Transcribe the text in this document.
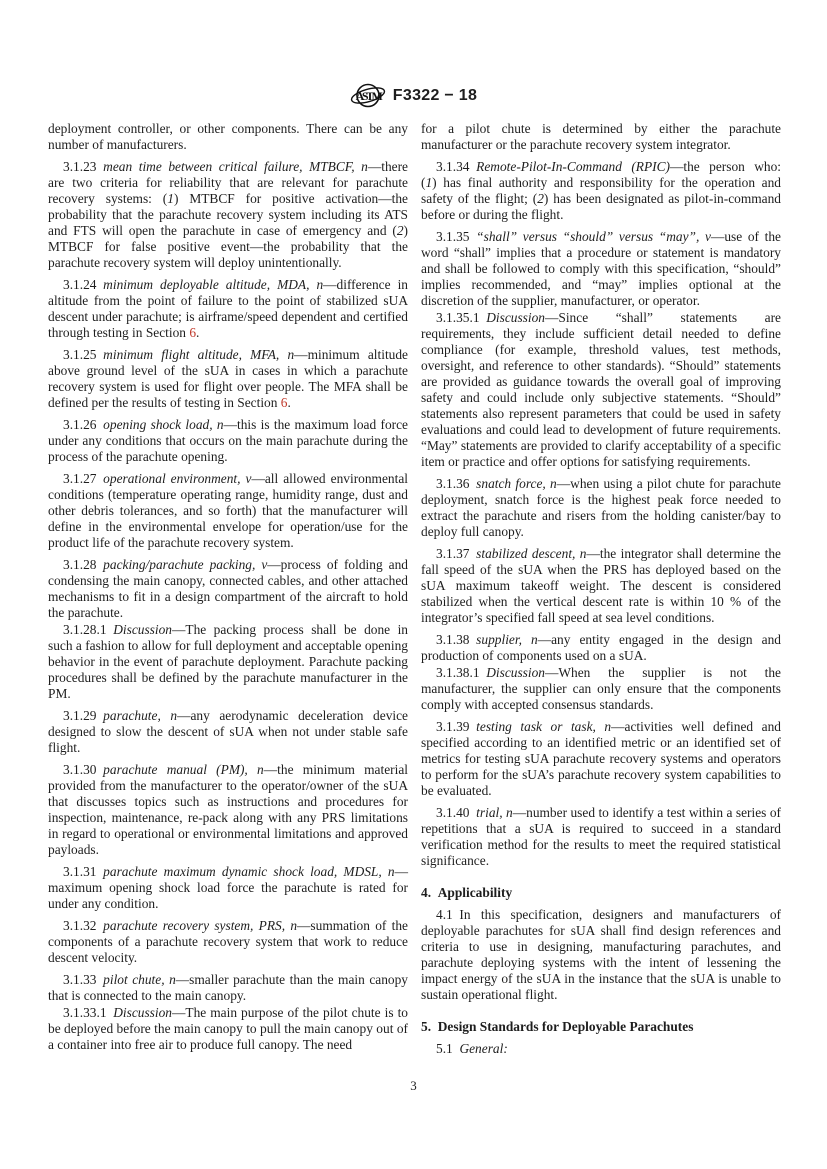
ASTM F3322 − 18
deployment controller, or other components. There can be any number of manufacturers.
3.1.23 mean time between critical failure, MTBCF, n—there are two criteria for reliability that are relevant for parachute recovery systems: (1) MTBCF for positive activation—the probability that the parachute recovery system including its ATS and FTS will open the parachute in case of emergency and (2) MTBCF for false positive event—the probability that the parachute recovery system will deploy unintentionally.
3.1.24 minimum deployable altitude, MDA, n—difference in altitude from the point of failure to the point of stabilized sUA descent under parachute; is airframe/speed dependent and certified through testing in Section 6.
3.1.25 minimum flight altitude, MFA, n—minimum altitude above ground level of the sUA in cases in which a parachute recovery system is used for flight over people. The MFA shall be defined per the results of testing in Section 6.
3.1.26 opening shock load, n—this is the maximum load force under any conditions that occurs on the main parachute during the process of the parachute opening.
3.1.27 operational environment, v—all allowed environmental conditions (temperature operating range, humidity range, dust and other debris tolerances, and so forth) that the manufacturer will define in the environmental envelope for operation/use for the product life of the parachute recovery system.
3.1.28 packing/parachute packing, v—process of folding and condensing the main canopy, connected cables, and other attached mechanisms to fit in a design compartment of the aircraft to hold the parachute.
3.1.28.1 Discussion—The packing process shall be done in such a fashion to allow for full deployment and acceptable opening behavior in the event of parachute deployment. Parachute packing procedures shall be defined by the parachute manufacturer in the PM.
3.1.29 parachute, n—any aerodynamic deceleration device designed to slow the descent of sUA when not under stable safe flight.
3.1.30 parachute manual (PM), n—the minimum material provided from the manufacturer to the operator/owner of the sUA that discusses topics such as instructions and procedures for inspection, maintenance, re-pack along with any PRS limitations in regard to operational or environmental limitations and approved payloads.
3.1.31 parachute maximum dynamic shock load, MDSL, n—maximum opening shock load force the parachute is rated for under any condition.
3.1.32 parachute recovery system, PRS, n—summation of the components of a parachute recovery system that work to reduce descent velocity.
3.1.33 pilot chute, n—smaller parachute than the main canopy that is connected to the main canopy.
3.1.33.1 Discussion—The main purpose of the pilot chute is to be deployed before the main canopy to pull the main canopy out of a container into free air to produce full canopy. The need
for a pilot chute is determined by either the parachute manufacturer or the parachute recovery system integrator.
3.1.34 Remote-Pilot-In-Command (RPIC)—the person who: (1) has final authority and responsibility for the operation and safety of the flight; (2) has been designated as pilot-in-command before or during the flight.
3.1.35 “shall” versus “should” versus “may”, v—use of the word “shall” implies that a procedure or statement is mandatory and shall be followed to comply with this specification, “should” implies recommended, and “may” implies optional at the discretion of the supplier, manufacturer, or operator.
3.1.35.1 Discussion—Since “shall” statements are requirements, they include sufficient detail needed to define compliance (for example, threshold values, test methods, oversight, and reference to other standards). “Should” statements are provided as guidance towards the overall goal of improving safety and could include only subjective statements. “Should” statements also represent parameters that could be used in safety evaluations and could lead to development of future requirements. “May” statements are provided to clarify acceptability of a specific item or practice and offer options for satisfying requirements.
3.1.36 snatch force, n—when using a pilot chute for parachute deployment, snatch force is the highest peak force needed to extract the parachute and risers from the holding canister/bay to deploy full canopy.
3.1.37 stabilized descent, n—the integrator shall determine the fall speed of the sUA when the PRS has deployed based on the sUA maximum takeoff weight. The descent is considered stabilized when the vertical descent rate is within 10 % of the integrator’s specified fall speed at sea level conditions.
3.1.38 supplier, n—any entity engaged in the design and production of components used on a sUA.
3.1.38.1 Discussion—When the supplier is not the manufacturer, the supplier can only ensure that the components comply with accepted consensus standards.
3.1.39 testing task or task, n—activities well defined and specified according to an identified metric or an identified set of metrics for testing sUA parachute recovery systems and operators to perform for the sUA’s parachute recovery system capabilities to be evaluated.
3.1.40 trial, n—number used to identify a test within a series of repetitions that a sUA is required to succeed in a standard verification method for the results to meet the required statistical significance.
4. Applicability
4.1 In this specification, designers and manufacturers of deployable parachutes for sUA shall find design references and criteria to use in designing, manufacturing parachutes, and parachute deploying systems with the intent of lessening the impact energy of the sUA in the instance that the sUA is unable to sustain operational flight.
5. Design Standards for Deployable Parachutes
5.1 General:
3
